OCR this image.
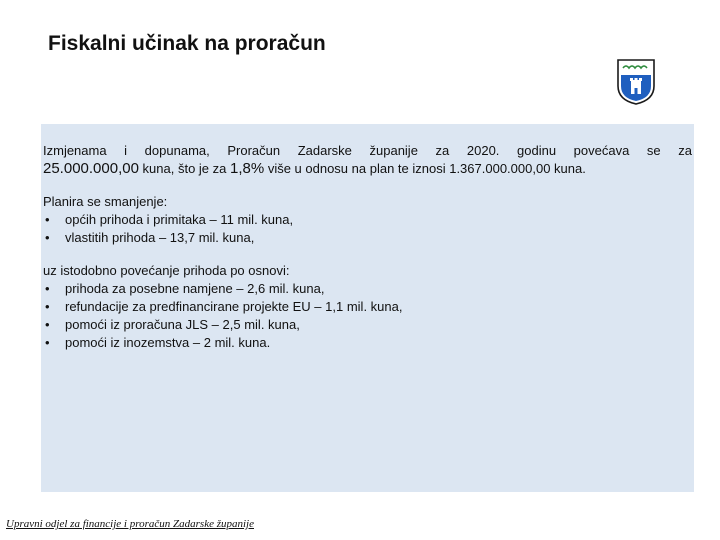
Fiskalni učinak na proračun

Izmjenama i dopunama, Proračun Zadarske županije za 2020. godinu povećava se za
25.000.000,00 kuna, što je za 1,8% više u odnosu na plan te iznosi 1.367.000.000,00 kuna.

Planira se smanjenje:

• općih prihoda i primitaka – 11 mil. kuna,
• vlastitih prihoda – 13,7 mil. kuna,

uz istodobno povećanje prihoda po osnovi:

• prihoda za posebne namjene – 2,6 mil. kuna,
• refundacije za predfinancirane projekte EU – 1,1 mil. kuna,
• pomoći iz proračuna JLS – 2,5 mil. kuna,
• pomoći iz inozemstva – 2 mil. kuna.
Upravni odjel za financije i proračun Zadarske županije
